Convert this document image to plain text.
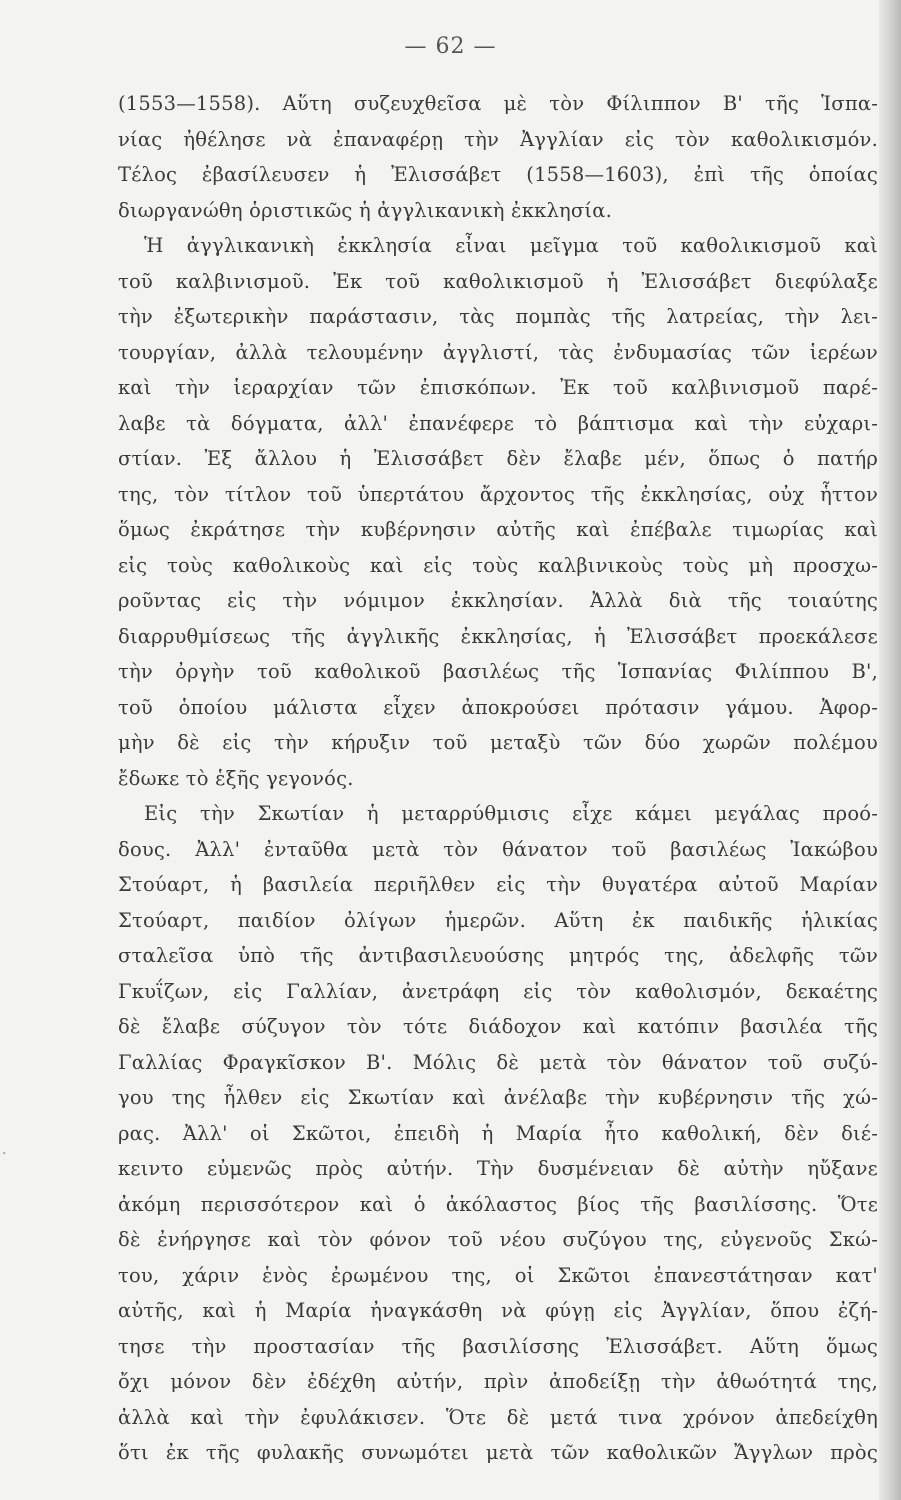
— 62 —
(1553—1558). Αὕτη συζευχθεῖσα μὲ τὸν Φίλιππον Β' τῆς Ἱσπα-
νίας ἠθέλησε νὰ ἐπαναφέρῃ τὴν Ἀγγλίαν εἰς τὸν καθολικισμόν.
Τέλος ἐβασίλευσεν ἡ Ἐλισσάβετ (1558—1603), ἐπὶ τῆς ὁποίας
διωργανώθη ὁριστικῶς ἡ ἀγγλικανικὴ ἐκκλησία.
Ἡ ἀγγλικανικὴ ἐκκλησία εἶναι μεῖγμα τοῦ καθολικισμοῦ καὶ
τοῦ καλβινισμοῦ. Ἐκ τοῦ καθολικισμοῦ ἡ Ἐλισσάβετ διεφύλαξε
τὴν ἐξωτερικὴν παράστασιν, τὰς πομπὰς τῆς λατρείας, τὴν λει-
τουργίαν, ἀλλὰ τελουμένην ἀγγλιστί, τὰς ἐνδυμασίας τῶν ἱερέων
καὶ τὴν ἱεραρχίαν τῶν ἐπισκόπων. Ἐκ τοῦ καλβινισμοῦ παρέ-
λαβε τὰ δόγματα, ἀλλ' ἐπανέφερε τὸ βάπτισμα καὶ τὴν εὐχαρι-
στίαν. Ἐξ ἄλλου ἡ Ἐλισσάβετ δὲν ἔλαβε μέν, ὅπως ὁ πατήρ
της, τὸν τίτλον τοῦ ὑπερτάτου ἄρχοντος τῆς ἐκκλησίας, οὐχ ἧττον
ὅμως ἐκράτησε τὴν κυβέρνησιν αὐτῆς καὶ ἐπέβαλε τιμωρίας καὶ
εἰς τοὺς καθολικοὺς καὶ εἰς τοὺς καλβινικοὺς τοὺς μὴ προσχω-
ροῦντας εἰς τὴν νόμιμον ἐκκλησίαν. Ἀλλὰ διὰ τῆς τοιαύτης
διαρρυθμίσεως τῆς ἀγγλικῆς ἐκκλησίας, ἡ Ἐλισσάβετ προεκάλεσε
τὴν ὀργὴν τοῦ καθολικοῦ βασιλέως τῆς Ἱσπανίας Φιλίππου Β',
τοῦ ὁποίου μάλιστα εἶχεν ἀποκρούσει πρότασιν γάμου. Ἀφορ-
μὴν δὲ εἰς τὴν κήρυξιν τοῦ μεταξὺ τῶν δύο χωρῶν πολέμου
ἔδωκε τὸ ἑξῆς γεγονός.
Εἰς τὴν Σκωτίαν ἡ μεταρρύθμισις εἶχε κάμει μεγάλας προό-
δους. Ἀλλ' ἐνταῦθα μετὰ τὸν θάνατον τοῦ βασιλέως Ἰακώβου
Στούαρτ, ἡ βασιλεία περιῆλθεν εἰς τὴν θυγατέρα αὐτοῦ Μαρίαν
Στούαρτ, παιδίον ὀλίγων ἡμερῶν. Αὕτη ἐκ παιδικῆς ἡλικίας
σταλεῖσα ὑπὸ τῆς ἀντιβασιλευούσης μητρός της, ἀδελφῆς τῶν
Γκυΐζων, εἰς Γαλλίαν, ἀνετράφη εἰς τὸν καθολισμόν, δεκαέτης
δὲ ἔλαβε σύζυγον τὸν τότε διάδοχον καὶ κατόπιν βασιλέα τῆς
Γαλλίας Φραγκῖσκον Β'. Μόλις δὲ μετὰ τὸν θάνατον τοῦ συζύ-
γου της ἦλθεν εἰς Σκωτίαν καὶ ἀνέλαβε τὴν κυβέρνησιν τῆς χώ-
ρας. Ἀλλ' οἱ Σκῶτοι, ἐπειδὴ ἡ Μαρία ἦτο καθολική, δὲν διέ-
κειντο εὐμενῶς πρὸς αὐτήν. Τὴν δυσμένειαν δὲ αὐτὴν ηὔξανε
ἀκόμη περισσότερον καὶ ὁ ἀκόλαστος βίος τῆς βασιλίσσης. Ὅτε
δὲ ἐνήργησε καὶ τὸν φόνον τοῦ νέου συζύγου της, εὐγενοῦς Σκώ-
του, χάριν ἑνὸς ἐρωμένου της, οἱ Σκῶτοι ἐπανεστάτησαν κατ'
αὐτῆς, καὶ ἡ Μαρία ἠναγκάσθη νὰ φύγῃ εἰς Ἀγγλίαν, ὅπου ἐζή-
τησε τὴν προστασίαν τῆς βασιλίσσης Ἐλισσάβετ. Αὕτη ὅμως
ὄχι μόνον δὲν ἐδέχθη αὐτήν, πρὶν ἀποδείξῃ τὴν ἀθωότητά της,
ἀλλὰ καὶ τὴν ἐφυλάκισεν. Ὅτε δὲ μετά τινα χρόνον ἀπεδείχθη
ὅτι ἐκ τῆς φυλακῆς συνωμότει μετὰ τῶν καθολικῶν Ἄγγλων πρὸς
·
